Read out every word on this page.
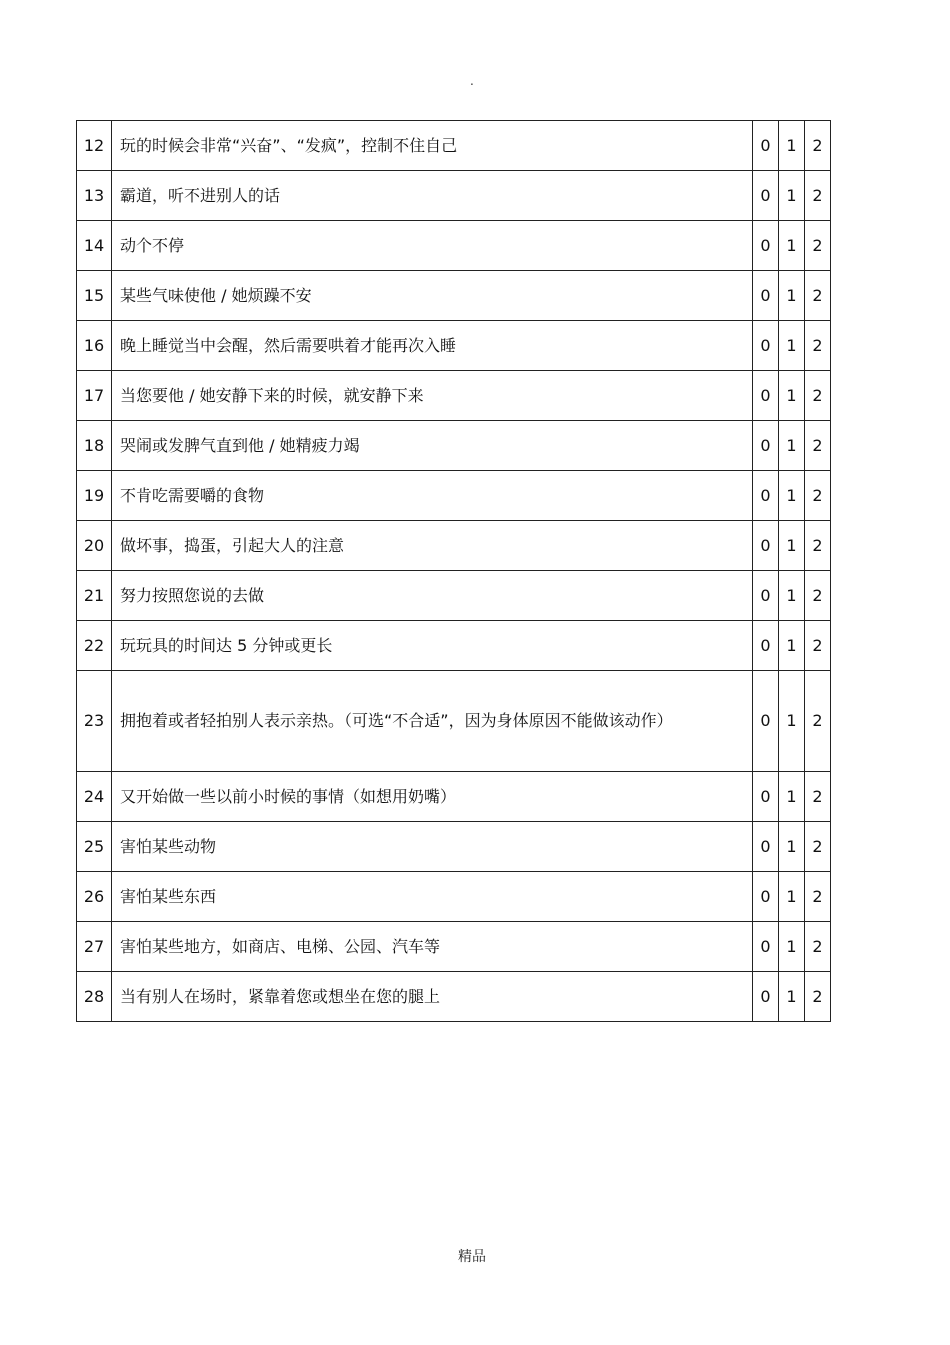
.
12	玩的时候会非常“兴奋”、“发疯”，控制不住自己	0	1	2
13	霸道，听不进别人的话	0	1	2
14	动个不停	0	1	2
15	某些气味使他 / 她烦躁不安	0	1	2
16	晚上睡觉当中会醒，然后需要哄着才能再次入睡	0	1	2
17	当您要他 / 她安静下来的时候，就安静下来	0	1	2
18	哭闹或发脾气直到他 / 她精疲力竭	0	1	2
19	不肯吃需要嚼的食物	0	1	2
20	做坏事，捣蛋，引起大人的注意	0	1	2
21	努力按照您说的去做	0	1	2
22	玩玩具的时间达 5 分钟或更长	0	1	2
23	拥抱着或者轻拍别人表示亲热。（可选“不合适”，因为身体原因不能做该动作）	0	1	2
24	又开始做一些以前小时候的事情（如想用奶嘴）	0	1	2
25	害怕某些动物	0	1	2
26	害怕某些东西	0	1	2
27	害怕某些地方，如商店、电梯、公园、汽车等	0	1	2
28	当有别人在场时，紧靠着您或想坐在您的腿上	0	1	2
精品
